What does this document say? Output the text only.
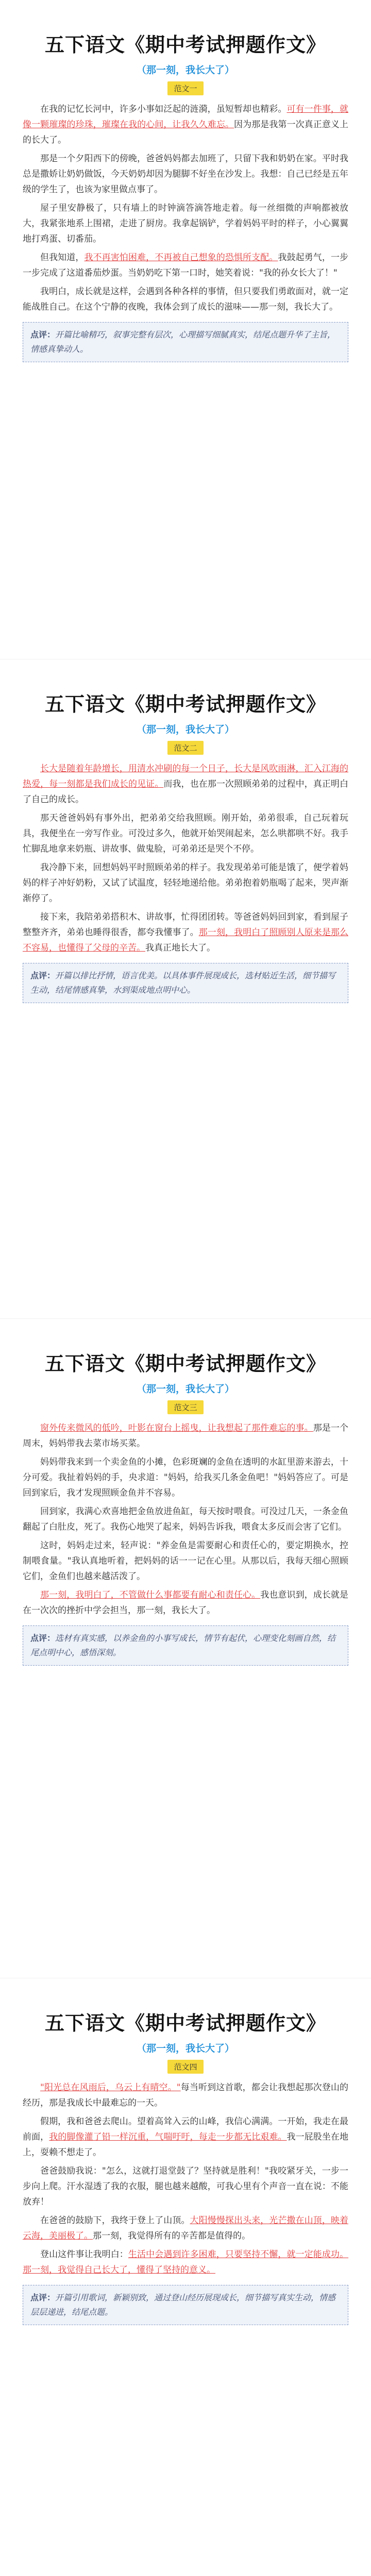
五下语文《期中考试押题作文》
（那一刻，我长大了）
范文一

在我的记忆长河中，许多小事如泛起的涟漪，虽短暂却也精彩。可有一件事，就像一颗璀璨的珍珠，璀璨在我的心间，让我久久难忘。因为那是我第一次真正意义上的长大了。

那是一个夕阳西下的傍晚，爸爸妈妈都去加班了，只留下我和奶奶在家。平时我总是撒娇让奶奶做饭，今天奶奶却因为腿脚不好坐在沙发上。我想：自己已经是五年级的学生了，也该为家里做点事了。

屋子里安静极了，只有墙上的时钟滴答滴答地走着。每一丝细微的声响都被放大，我紧张地系上围裙，走进了厨房。我拿起锅铲，学着妈妈平时的样子，小心翼翼地打鸡蛋、切番茄。

但我知道，我不再害怕困难，不再被自己想象的恐惧所支配。我鼓起勇气，一步一步完成了这道番茄炒蛋。当奶奶吃下第一口时，她笑着说："我的孙女长大了！"

我明白，成长就是这样，会遇到各种各样的事情，但只要我们勇敢面对，就一定能战胜自己。在这个宁静的夜晚，我体会到了成长的滋味——那一刻，我长大了。

点评：开篇比喻精巧，叙事完整有层次，心理描写细腻真实，结尾点题升华了主旨，情感真挚动人。
五下语文《期中考试押题作文》
（那一刻，我长大了）
范文二

长大是随着年龄增长，用清水冲刷的每一个日子，长大是风吹雨淋，汇入江海的热爱，每一刻都是我们成长的见证。而我，也在那一次照顾弟弟的过程中，真正明白了自己的成长。

那天爸爸妈妈有事外出，把弟弟交给我照顾。刚开始，弟弟很乖，自己玩着玩具，我便坐在一旁写作业。可没过多久，他就开始哭闹起来，怎么哄都哄不好。我手忙脚乱地拿来奶瓶、讲故事、做鬼脸，可弟弟还是哭个不停。

我冷静下来，回想妈妈平时照顾弟弟的样子。我发现弟弟可能是饿了，便学着妈妈的样子冲好奶粉，又试了试温度，轻轻地递给他。弟弟抱着奶瓶喝了起来，哭声渐渐停了。

接下来，我陪弟弟搭积木、讲故事，忙得团团转。等爸爸妈妈回到家，看到屋子整整齐齐，弟弟也睡得很香，都夸我懂事了。那一刻，我明白了照顾别人原来是那么不容易，也懂得了父母的辛苦。我真正地长大了。

点评：开篇以排比抒情，语言优美。以具体事件展现成长，选材贴近生活，细节描写生动，结尾情感真挚，水到渠成地点明中心。
五下语文《期中考试押题作文》
（那一刻，我长大了）
范文三

窗外传来微风的低吟，叶影在窗台上摇曳，让我想起了那件难忘的事。那是一个周末，妈妈带我去菜市场买菜。

妈妈带我来到一个卖金鱼的小摊，色彩斑斓的金鱼在透明的水缸里游来游去，十分可爱。我扯着妈妈的手，央求道："妈妈，给我买几条金鱼吧！"妈妈答应了。可是回到家后，我才发现照顾金鱼并不容易。

回到家，我满心欢喜地把金鱼放进鱼缸，每天按时喂食。可没过几天，一条金鱼翻起了白肚皮，死了。我伤心地哭了起来，妈妈告诉我，喂食太多反而会害了它们。

这时，妈妈走过来，轻声说："养金鱼是需要耐心和责任心的，要定期换水，控制喂食量。"我认真地听着，把妈妈的话一一记在心里。从那以后，我每天细心照顾它们，金鱼们也越来越活泼了。

那一刻，我明白了，不管做什么事都要有耐心和责任心。我也意识到，成长就是在一次次的挫折中学会担当，那一刻，我长大了。

点评：选材有真实感，以养金鱼的小事写成长，情节有起伏，心理变化刻画自然，结尾点明中心，感悟深刻。
五下语文《期中考试押题作文》
（那一刻，我长大了）
范文四

"阳光总在风雨后，乌云上有晴空。"每当听到这首歌，都会让我想起那次登山的经历，那是我成长中最难忘的一天。

假期，我和爸爸去爬山。望着高耸入云的山峰，我信心满满。一开始，我走在最前面，我的脚像灌了铅一样沉重，气喘吁吁，每走一步都无比艰难。我一屁股坐在地上，耍赖不想走了。

爸爸鼓励我说："怎么，这就打退堂鼓了？坚持就是胜利！"我咬紧牙关，一步一步向上爬。汗水湿透了我的衣服，腿也越来越酸，可我心里有个声音一直在说：不能放弃！

在爸爸的鼓励下，我终于登上了山顶。大阳慢慢探出头来，光芒撒在山顶，映着云海，美丽极了。那一刻，我觉得所有的辛苦都是值得的。

登山这件事让我明白：生活中会遇到许多困难，只要坚持不懈，就一定能成功。那一刻，我觉得自己长大了，懂得了坚持的意义。

点评：开篇引用歌词，新颖别致，通过登山经历展现成长，细节描写真实生动，情感层层递进，结尾点题。
